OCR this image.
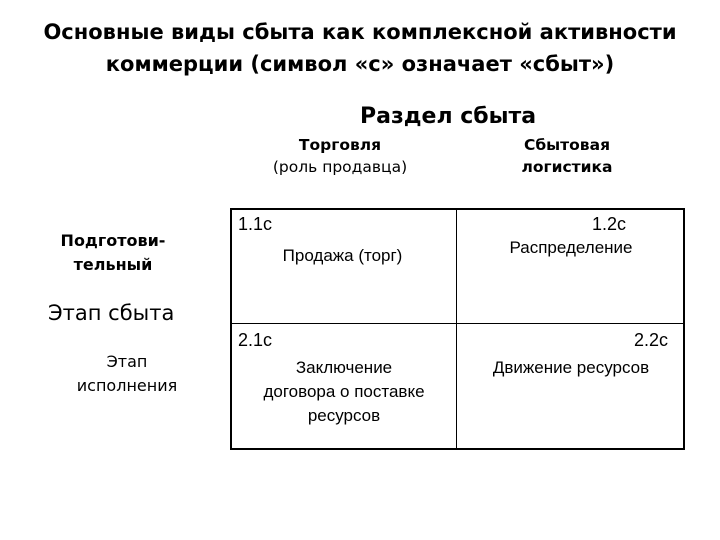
Основные виды сбыта как комплексной активности коммерции (символ «с» означает «сбыт»)
Раздел сбыта
Торговля
(роль продавца)
Сбытовая
логистика
Подготови-
тельный
Этап сбыта
Этап
исполнения
1.1с
Продажа (торг)
1.2с
Распределение
2.1с
Заключение
договора о поставке
ресурсов
2.2с
Движение ресурсов
